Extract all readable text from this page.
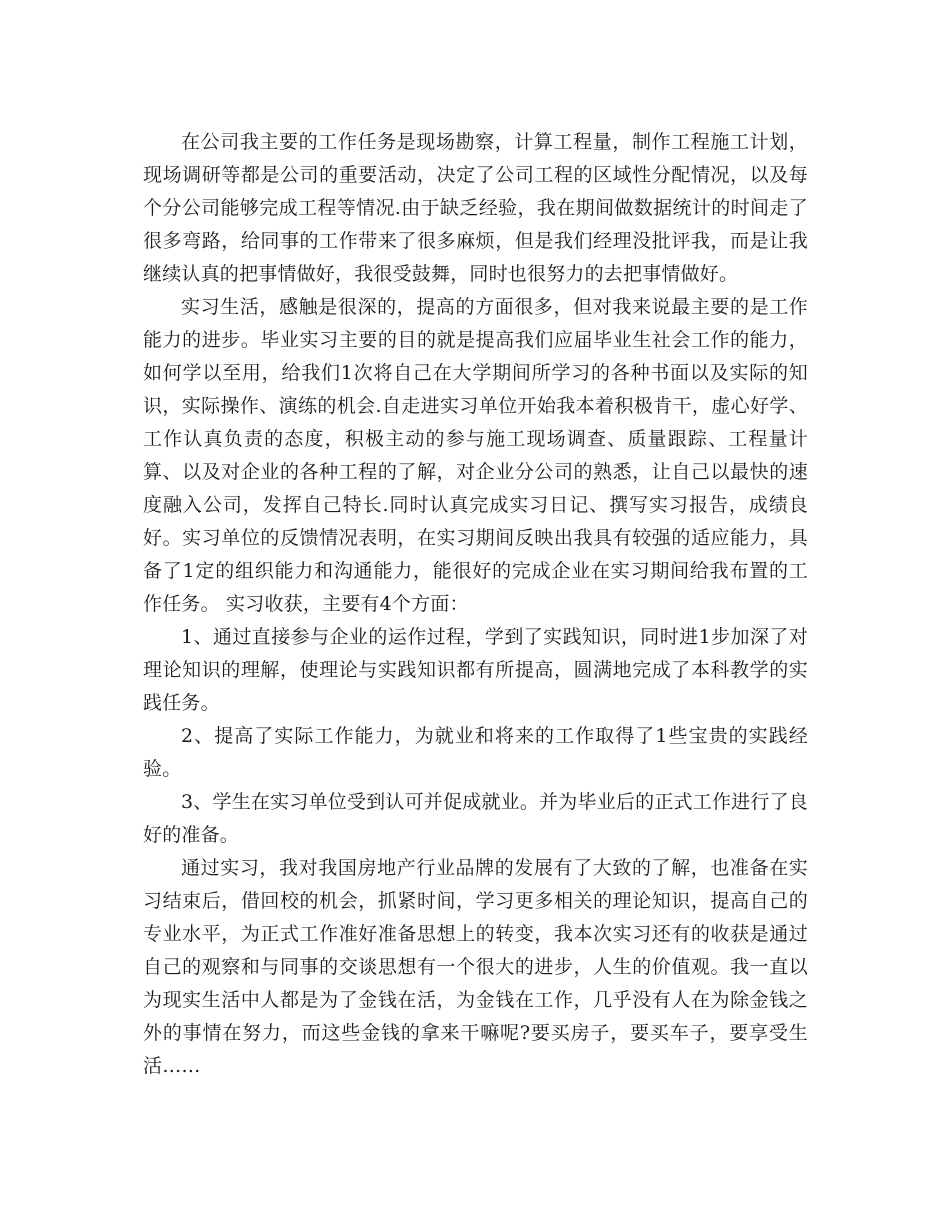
在公司我主要的工作任务是现场勘察，计算工程量，制作工程施工计划，现场调研等都是公司的重要活动，决定了公司工程的区域性分配情况，以及每个分公司能够完成工程等情况.由于缺乏经验，我在期间做数据统计的时间走了很多弯路，给同事的工作带来了很多麻烦，但是我们经理没批评我，而是让我继续认真的把事情做好，我很受鼓舞，同时也很努力的去把事情做好。

实习生活，感触是很深的，提高的方面很多，但对我来说最主要的是工作能力的进步。毕业实习主要的目的就是提高我们应届毕业生社会工作的能力，如何学以至用，给我们1次将自己在大学期间所学习的各种书面以及实际的知识，实际操作、演练的机会.自走进实习单位开始我本着积极肯干，虚心好学、工作认真负责的态度，积极主动的参与施工现场调查、质量跟踪、工程量计算、以及对企业的各种工程的了解，对企业分公司的熟悉，让自己以最快的速度融入公司，发挥自己特长.同时认真完成实习日记、撰写实习报告，成绩良好。实习单位的反馈情况表明，在实习期间反映出我具有较强的适应能力，具备了1定的组织能力和沟通能力，能很好的完成企业在实习期间给我布置的工作任务。 实习收获，主要有4个方面：

1、通过直接参与企业的运作过程，学到了实践知识，同时进1步加深了对理论知识的理解，使理论与实践知识都有所提高，圆满地完成了本科教学的实践任务。

2、提高了实际工作能力，为就业和将来的工作取得了1些宝贵的实践经验。

3、学生在实习单位受到认可并促成就业。并为毕业后的正式工作进行了良好的准备。

通过实习，我对我国房地产行业品牌的发展有了大致的了解，也准备在实习结束后，借回校的机会，抓紧时间，学习更多相关的理论知识，提高自己的专业水平，为正式工作准好准备思想上的转变，我本次实习还有的收获是通过自己的观察和与同事的交谈思想有一个很大的进步，人生的价值观。我一直以为现实生活中人都是为了金钱在活，为金钱在工作，几乎没有人在为除金钱之外的事情在努力，而这些金钱的拿来干嘛呢?要买房子，要买车子，要享受生活……
